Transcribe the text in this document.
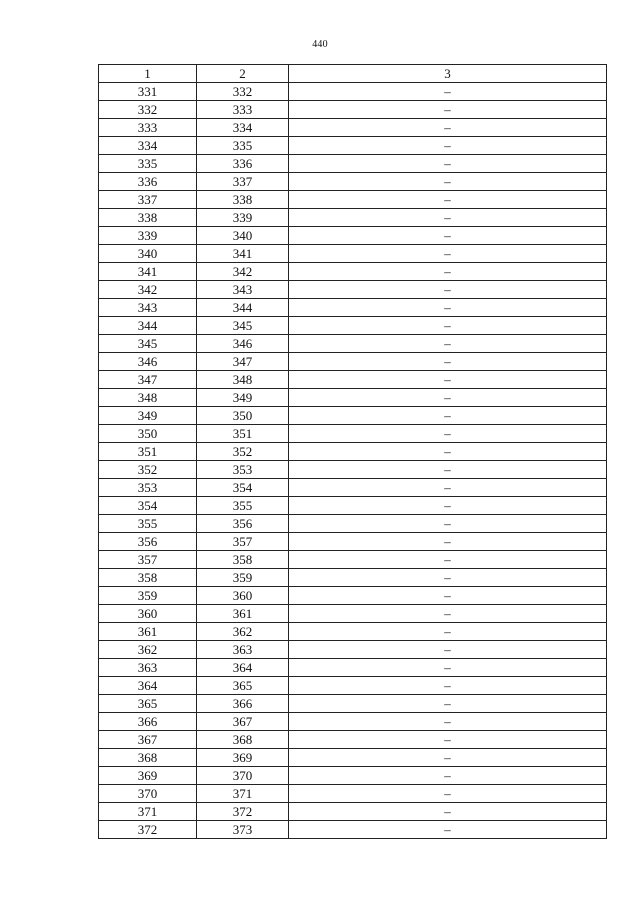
440
1	2	3
331	332	–
332	333	–
333	334	–
334	335	–
335	336	–
336	337	–
337	338	–
338	339	–
339	340	–
340	341	–
341	342	–
342	343	–
343	344	–
344	345	–
345	346	–
346	347	–
347	348	–
348	349	–
349	350	–
350	351	–
351	352	–
352	353	–
353	354	–
354	355	–
355	356	–
356	357	–
357	358	–
358	359	–
359	360	–
360	361	–
361	362	–
362	363	–
363	364	–
364	365	–
365	366	–
366	367	–
367	368	–
368	369	–
369	370	–
370	371	–
371	372	–
372	373	–
